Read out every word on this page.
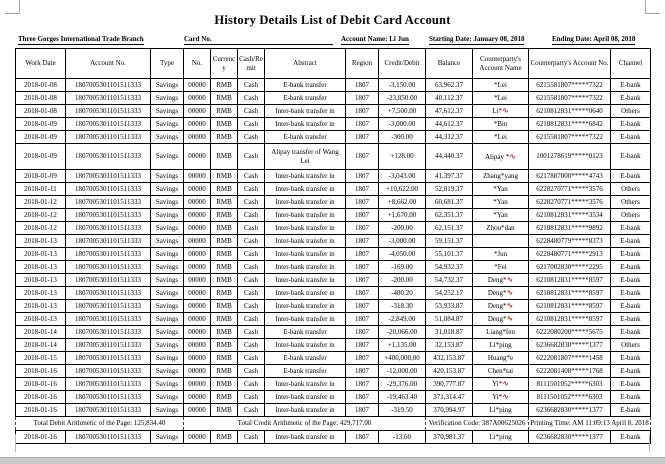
History Details List of Debit Card Account
Three Gorges International Trade Branch	Card No.	Account Name: Li Jun	Starting Date: January 08, 2018	Ending Date: April 08, 2018
Work Date	Account No.	Type	No.	Currency	Cash/Remit	Abstract	Region	Credit/Debit	Balance	Counterparty's Account Name	Counterparty's Account No.	Channel
2018-01-08	1807005301101511333	Savings	00000	RMB	Cash	E-bank transfer	1807	-3,150.00	63,962.37	*Lei	6215581807*****7322	E-bank
2018-01-08	1807005301101511333	Savings	00000	RMB	Cash	E-bank transfer	1807	-23,850.00	40,112.37	*Lei	6215581807*****7322	E-bank
2018-01-08	1807005301101511333	Savings	00000	RMB	Cash	Inter-bank transfer in	1807	+7,500.00	47,612.37	Li*∿	6210812831*****0640	Others
2018-01-09	1807005301101511333	Savings	00000	RMB	Cash	Inter-bank transfer in	1807	-3,000.00	44,612.37	*Bin	6210812831*****6842	E-bank
2018-01-09	1807005301101511333	Savings	00000	RMB	Cash	E-bank transfer	1807	-300.00	44,312.37	*Lei	6215581807*****7322	E-bank
2018-01-09	1807005301101511333	Savings	00000	RMB	Cash	Alipay transfer of Wang Lei	1807	+128.00	44,440.37	Alipay *∿	1001278619*****0123	E-bank
2018-01-09	1807005301101511333	Savings	00000	RMB	Cash	Inter-bank transfer in	1807	-3,043.00	41,397.37	Zhang*yang	6217887000*****4743	E-bank
2018-01-11	1807005301101511333	Savings	00000	RMB	Cash	Inter-bank transfer in	1807	+10,622.00	52,019.37	*Yan	6228270771*****3576	Others
2018-01-12	1807005301101511333	Savings	00000	RMB	Cash	Inter-bank transfer in	1807	+8,662.00	60,681.37	*Yan	6228270771*****3576	Others
2018-01-12	1807005301101511333	Savings	00000	RMB	Cash	Inter-bank transfer in	1807	+1,670.00	62,351.37	*Yan	6210812831*****3534	Others
2018-01-12	1807005301101511333	Savings	00000	RMB	Cash	Inter-bank transfer in	1807	-200.00	62,151.37	Zhou*dan	6210812831*****9892	E-bank
2018-01-13	1807005301101511333	Savings	00000	RMB	Cash	Inter-bank transfer in	1807	-3,000.00	59,151.37		6228480779*****8373	E-bank
2018-01-13	1807005301101511333	Savings	00000	RMB	Cash	Inter-bank transfer in	1807	-4,050.00	55,101.37	*Jun	6228480771*****2913	E-bank
2018-01-13	1807005301101511333	Savings	00000	RMB	Cash	Inter-bank transfer in	1807	-169.00	54,932.37	*Fei	6217002830*****2295	E-bank
2018-01-13	1807005301101511333	Savings	00000	RMB	Cash	Inter-bank transfer in	1807	-200.00	54,732.37	Deng*∿	6210812831*****8597	E-bank
2018-01-13	1807005301101511333	Savings	00000	RMB	Cash	Inter-bank transfer in	1807	-480.20	54,252.17	Deng*∿	6210812831*****8597	E-bank
2018-01-13	1807005301101511333	Savings	00000	RMB	Cash	Inter-bank transfer in	1807	-318.30	53,933.87	Deng*∿	6210812831*****8597	E-bank
2018-01-13	1807005301101511333	Savings	00000	RMB	Cash	Inter-bank transfer in	1807	-2,849.00	51,084.87	Deng*∿	6210812831*****8597	E-bank
2018-01-14	1807005301101511333	Savings	00000	RMB	Cash	E-bank transfer	1807	-20,066.00	31,018.87	Liang*fen	6222080200*****5675	E-bank
2018-01-14	1807005301101511333	Savings	00000	RMB	Cash	Inter-bank transfer in	1807	+1,135.00	32,153.87	Li*ping	6236682830*****1377	Others
2018-01-15	1807005301101511333	Savings	00000	RMB	Cash	E-bank transfer	1807	+400,000,00	432,153.87	Huang*e	6222081807*****1458	E-bank
2018-01-16	1807005301101511333	Savings	00000	RMB	Cash	E-bank transfer	1807	-12,000.00	420,153.87	Chen*tai	6222081408*****1768	E-bank
2018-01-16	1807005301101511333	Savings	00000	RMB	Cash	Inter-bank transfer in	1807	-29,376.00	390,777.87	Yi*∿	8111501052*****6303	E-bank
2018-01-16	1807005301101511333	Savings	00000	RMB	Cash	Inter-bank transfer in	1807	-19,463.40	371,314.47	Yi*∿	8111501052*****6303	E-bank
2018-01-16	1807005301101511333	Savings	00000	RMB	Cash	Inter-bank transfer in	1807	-319.50	370,994.97	Li*ping	6236682830*****1377	E-bank
Total Debit Arithmetic of the Page: 125,834.40			Total Credit Arithmetic of the Page: 429,717.00						Verification Code: 387A00625026		Printing Time: AM 11:09:13 April 8, 2018	
2018-01-16	1807005301101511333	Savings	00000	RMB	Cash	Inter-bank transfer in	1807	-13.60	370,981.37	Li*ping	6236682830*****1377	E-bank
